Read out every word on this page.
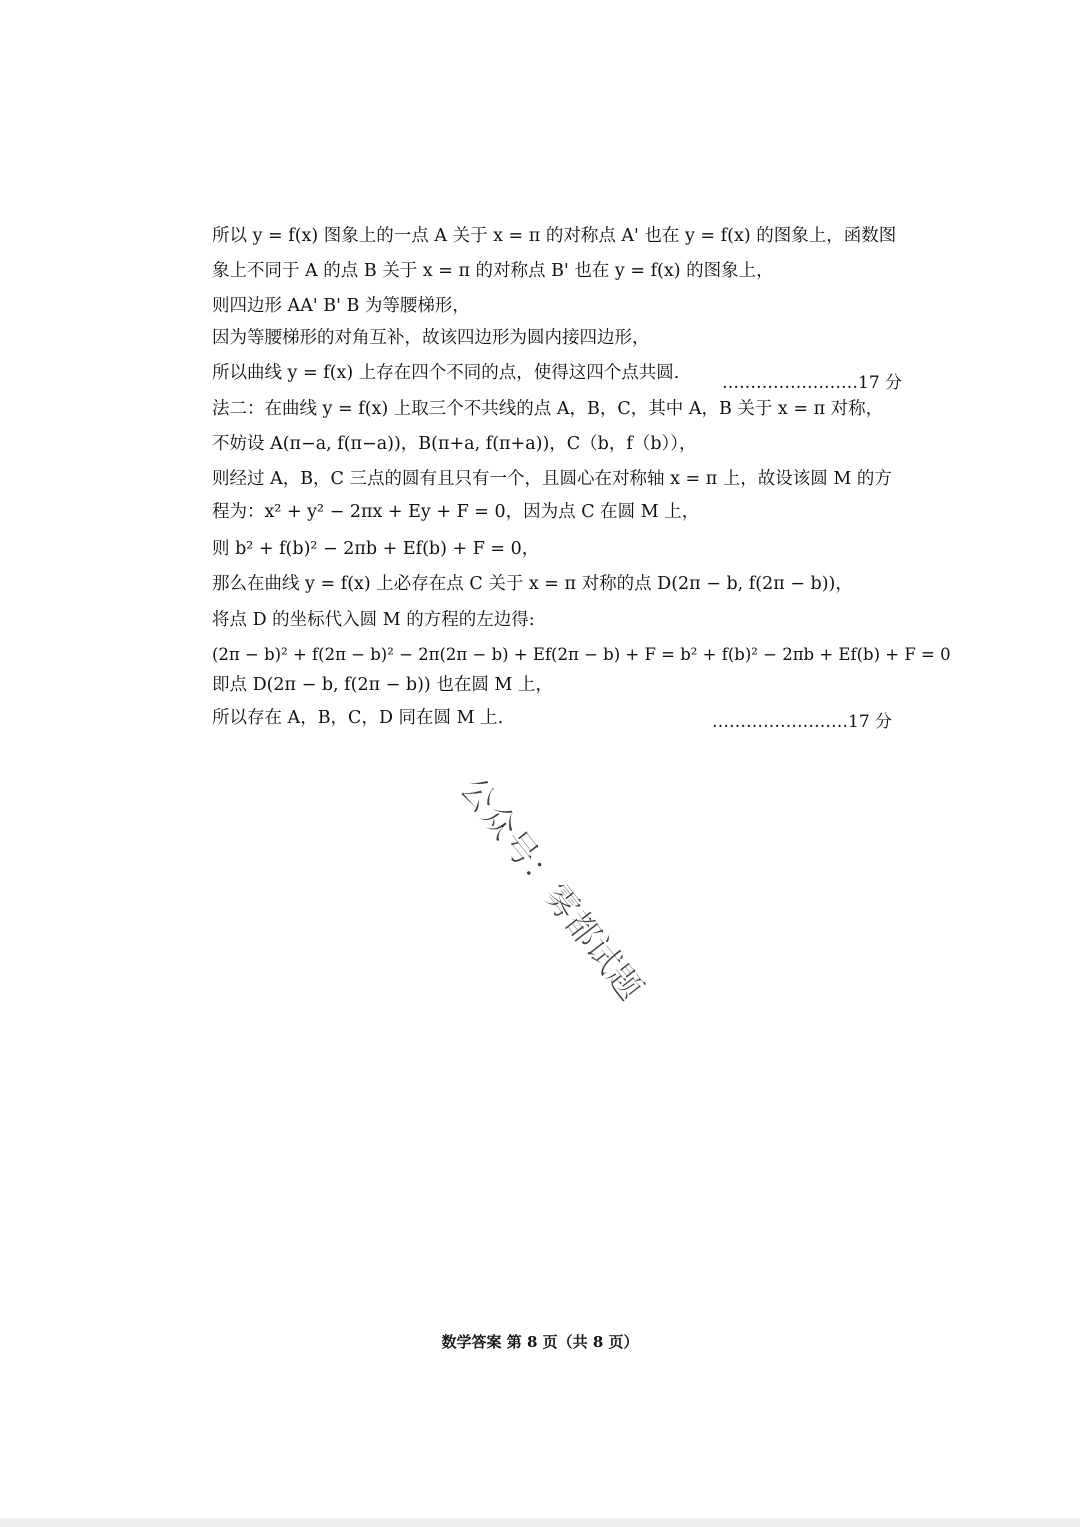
所以 y = f(x) 图象上的一点 A 关于 x = π 的对称点 A' 也在 y = f(x) 的图象上，函数图
象上不同于 A 的点 B 关于 x = π 的对称点 B' 也在 y = f(x) 的图象上，
则四边形 AA' B' B 为等腰梯形，
因为等腰梯形的对角互补，故该四边形为圆内接四边形，
所以曲线 y = f(x) 上存在四个不同的点，使得这四个点共圆.	……………………17 分
法二：在曲线 y = f(x) 上取三个不共线的点 A，B，C，其中 A，B 关于 x = π 对称，
不妨设 A(π−a, f(π−a))，B(π+a, f(π+a))，C（b，f（b）），
则经过 A，B，C 三点的圆有且只有一个，且圆心在对称轴 x = π 上，故设该圆 M 的方
程为：x² + y² − 2πx + Ey + F = 0，因为点 C 在圆 M 上，
则 b² + f(b)² − 2πb + Ef(b) + F = 0，
那么在曲线 y = f(x) 上必存在点 C 关于 x = π 对称的点 D(2π − b, f(2π − b))，
将点 D 的坐标代入圆 M 的方程的左边得:
(2π − b)² + f(2π − b)² − 2π(2π − b) + Ef(2π − b) + F = b² + f(b)² − 2πb + Ef(b) + F = 0
即点 D(2π − b, f(2π − b)) 也在圆 M 上，
所以存在 A，B，C，D 同在圆 M 上.	……………………17 分
公众号：雾都试题
数学答案 第 8 页（共 8 页）
